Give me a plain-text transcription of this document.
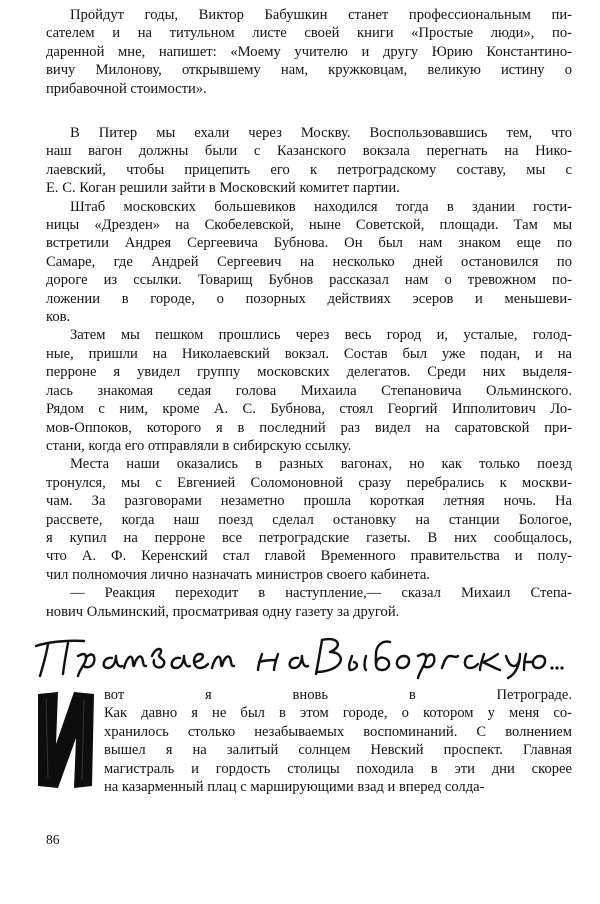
Пройдут годы, Виктор Бабушкин станет профессиональным пи-
сателем и на титульном листе своей книги «Простые люди», по-
даренной мне, напишет: «Моему учителю и другу Юрию Константино-
вичу Милонову, открывшему нам, кружковцам, великую истину о
прибавочной стоимости».
В Питер мы ехали через Москву. Воспользовавшись тем, что
наш вагон должны были с Казанского вокзала перегнать на Нико-
лаевский, чтобы прицепить его к петроградскому составу, мы с
Е. С. Коган решили зайти в Московский комитет партии.
Штаб московских большевиков находился тогда в здании гости-
ницы «Дрезден» на Скобелевской, ныне Советской, площади. Там мы
встретили Андрея Сергеевича Бубнова. Он был нам знаком еще по
Самаре, где Андрей Сергеевич на несколько дней остановился по
дороге из ссылки. Товарищ Бубнов рассказал нам о тревожном по-
ложении в городе, о позорных действиях эсеров и меньшеви-
ков.
Затем мы пешком прошлись через весь город и, усталые, голод-
ные, пришли на Николаевский вокзал. Состав был уже подан, и на
перроне я увидел группу московских делегатов. Среди них выделя-
лась знакомая седая голова Михаила Степановича Ольминского.
Рядом с ним, кроме А. С. Бубнова, стоял Георгий Ипполитович Ло-
мов-Оппоков, которого я в последний раз видел на саратовской при-
стани, когда его отправляли в сибирскую ссылку.
Места наши оказались в разных вагонах, но как только поезд
тронулся, мы с Евгенией Соломоновной сразу перебрались к москви-
чам. За разговорами незаметно прошла короткая летняя ночь. На
рассвете, когда наш поезд сделал остановку на станции Бологое,
я купил на перроне все петроградские газеты. В них сообщалось,
что А. Ф. Керенский стал главой Временного правительства и полу-
чил полномочия лично назначать министров своего кабинета.
— Реакция переходит в наступление,— сказал Михаил Степа-
нович Ольминский, просматривая одну газету за другой.
вот я вновь в Петрограде.
Как давно я не был в этом городе, о котором у меня со-
хранилось столько незабываемых воспоминаний. С волнением
вышел я на залитый солнцем Невский проспект. Главная
магистраль и гордость столицы походила в эти дни скорее
на казарменный плац с марширующими взад и вперед солда-
86
